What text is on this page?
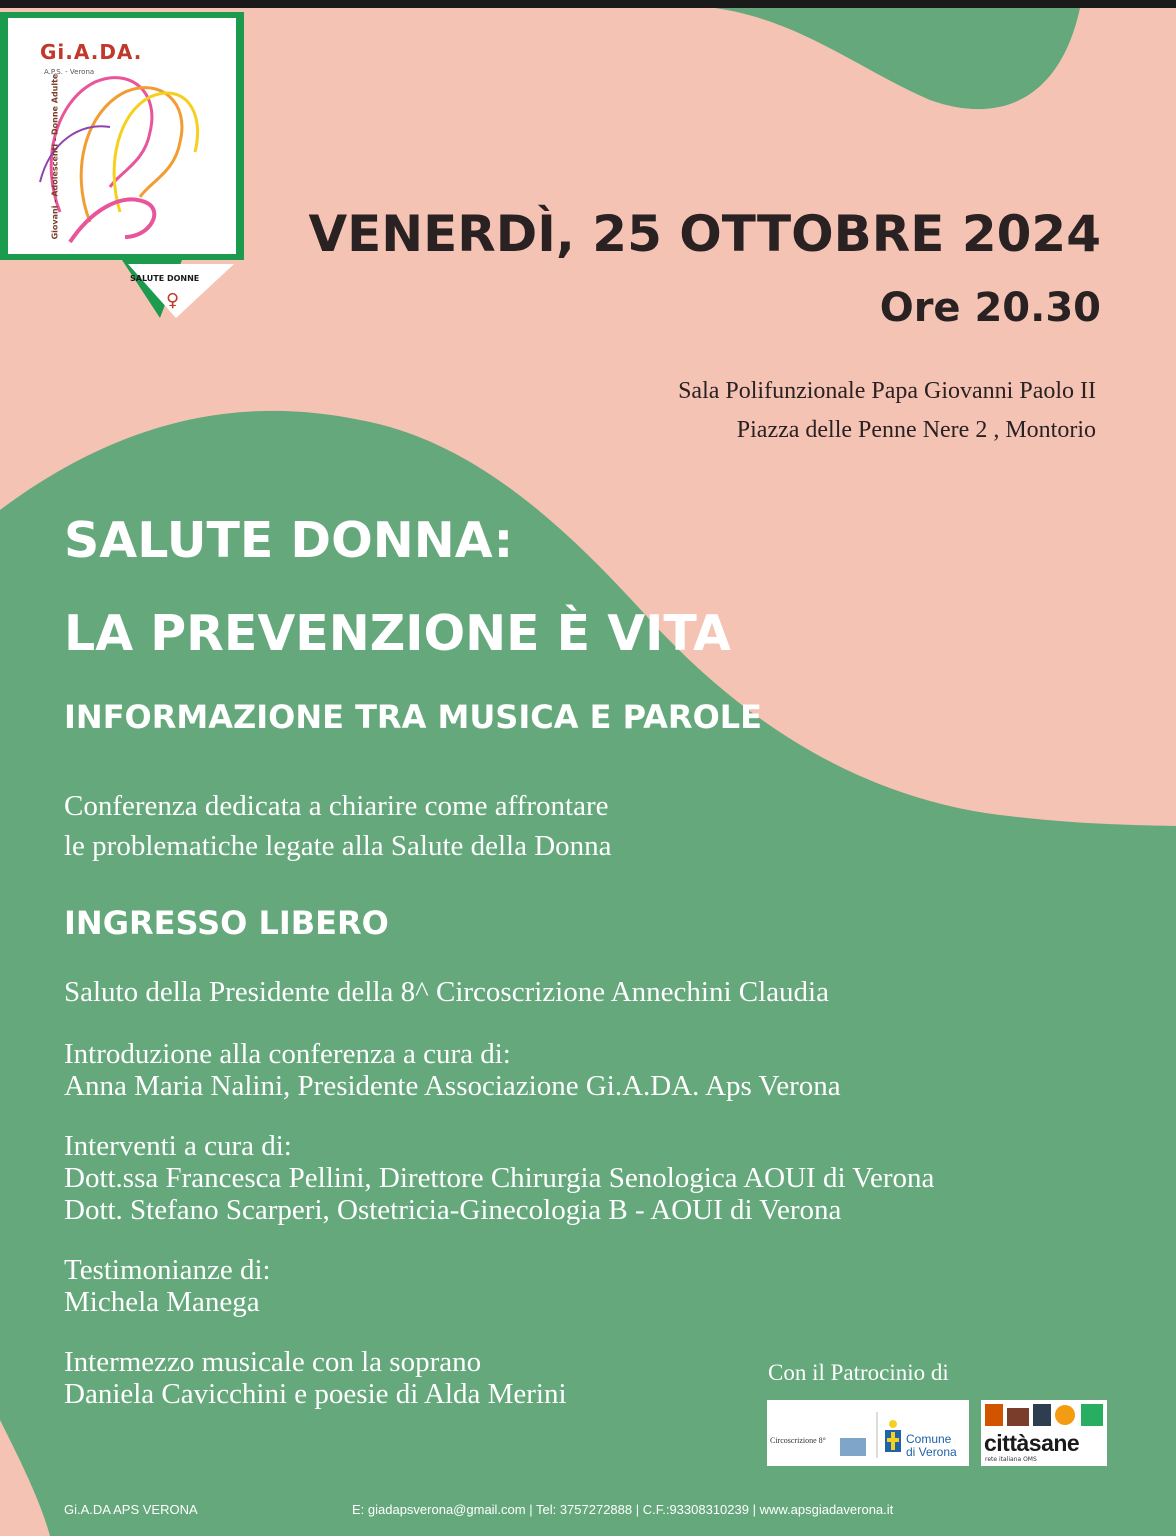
Gi.A.DA.
A.P.S. - Verona
Giovani - Adolescenti - Donne Adulte
SALUTE DONNE
♀
VENERDÌ, 25 OTTOBRE 2024
Ore 20.30
Sala Polifunzionale Papa Giovanni Paolo II
Piazza delle Penne Nere 2 , Montorio
SALUTE DONNA:
LA PREVENZIONE È VITA
INFORMAZIONE TRA MUSICA E PAROLE
Conferenza dedicata a chiarire come affrontare
le problematiche legate alla Salute della Donna
INGRESSO LIBERO
Saluto della Presidente della 8^ Circoscrizione Annechini Claudia
Introduzione alla conferenza a cura di:
Anna Maria Nalini, Presidente Associazione Gi.A.DA. Aps Verona
Interventi a cura di:
Dott.ssa Francesca Pellini, Direttore Chirurgia Senologica AOUI di Verona
Dott. Stefano Scarperi, Ostetricia-Ginecologia B - AOUI di Verona
Testimonianze di:
Michela Manega
Intermezzo musicale con la soprano
Daniela Cavicchini e poesie di Alda Merini
Con il Patrocinio di
Circoscrizione 8°	Comune
di Verona cittàsane
rete italiana OMS
Gi.A.DA APS VERONA	E: giadapsverona@gmail.com | Tel: 3757272888 | C.F.:93308310239 | www.apsgiadaverona.it
